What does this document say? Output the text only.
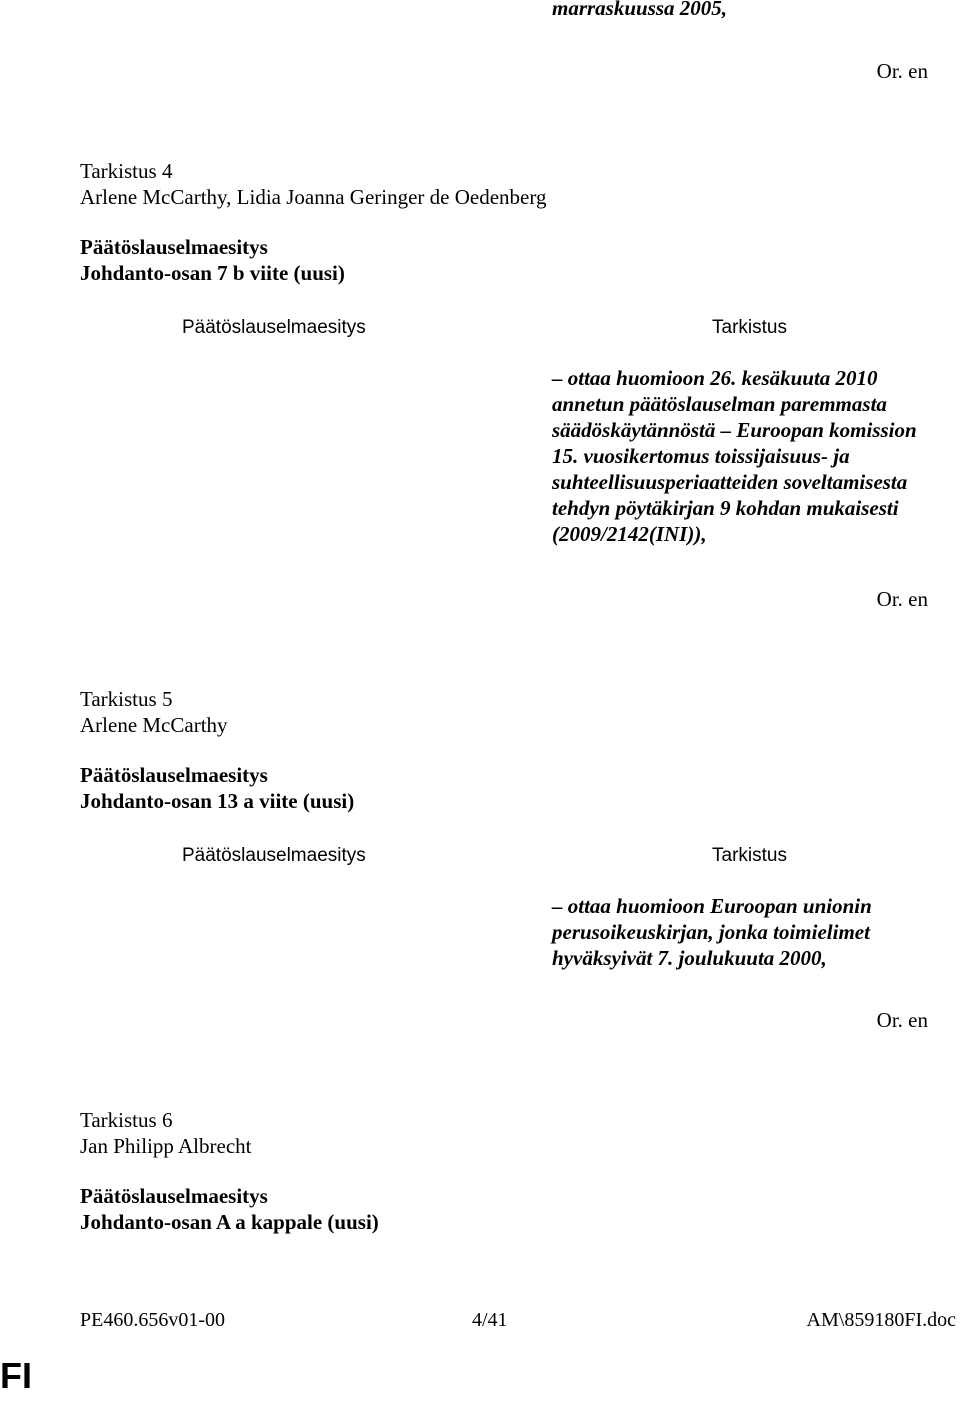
marraskuussa 2005,
Or. en
Tarkistus 4
Arlene McCarthy, Lidia Joanna Geringer de Oedenberg
Päätöslauselmaesitys
Johdanto-osan 7 b viite (uusi)
Päätöslauselmaesitys	Tarkistus
– ottaa huomioon 26. kesäkuuta 2010
annetun päätöslauselman paremmasta
säädöskäytännöstä – Euroopan komission
15. vuosikertomus toissijaisuus- ja
suhteellisuusperiaatteiden soveltamisesta
tehdyn pöytäkirjan 9 kohdan mukaisesti
(2009/2142(INI)),
Or. en
Tarkistus 5
Arlene McCarthy
Päätöslauselmaesitys
Johdanto-osan 13 a viite (uusi)
Päätöslauselmaesitys	Tarkistus
– ottaa huomioon Euroopan unionin
perusoikeuskirjan, jonka toimielimet
hyväksyivät 7. joulukuuta 2000,
Or. en
Tarkistus 6
Jan Philipp Albrecht
Päätöslauselmaesitys
Johdanto-osan A a kappale (uusi)
PE460.656v01-00	4/41	AM\859180FI.doc
FI
